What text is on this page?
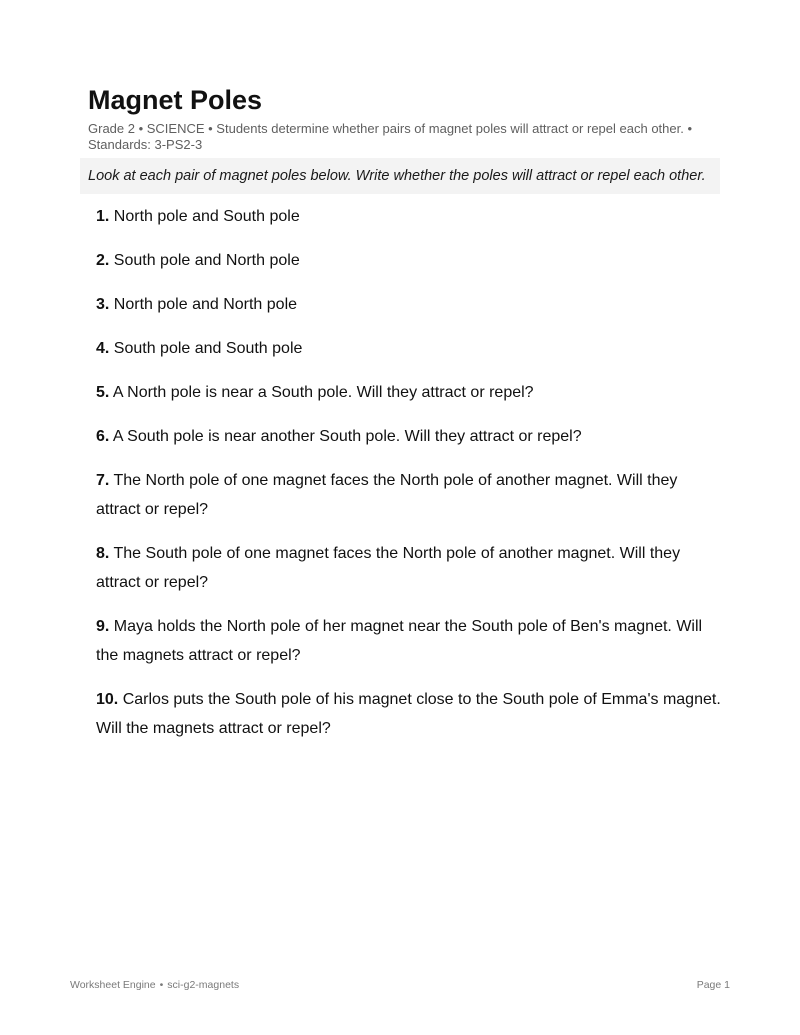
Magnet Poles
Grade 2 • SCIENCE • Students determine whether pairs of magnet poles will attract or repel each other. • Standards: 3-PS2-3
Look at each pair of magnet poles below. Write whether the poles will attract or repel each other.
1. North pole and South pole
2. South pole and North pole
3. North pole and North pole
4. South pole and South pole
5. A North pole is near a South pole. Will they attract or repel?
6. A South pole is near another South pole. Will they attract or repel?
7. The North pole of one magnet faces the North pole of another magnet. Will they attract or repel?
8. The South pole of one magnet faces the North pole of another magnet. Will they attract or repel?
9. Maya holds the North pole of her magnet near the South pole of Ben's magnet. Will the magnets attract or repel?
10. Carlos puts the South pole of his magnet close to the South pole of Emma's magnet. Will the magnets attract or repel?
Worksheet Engine • sci-g2-magnets	Page 1
